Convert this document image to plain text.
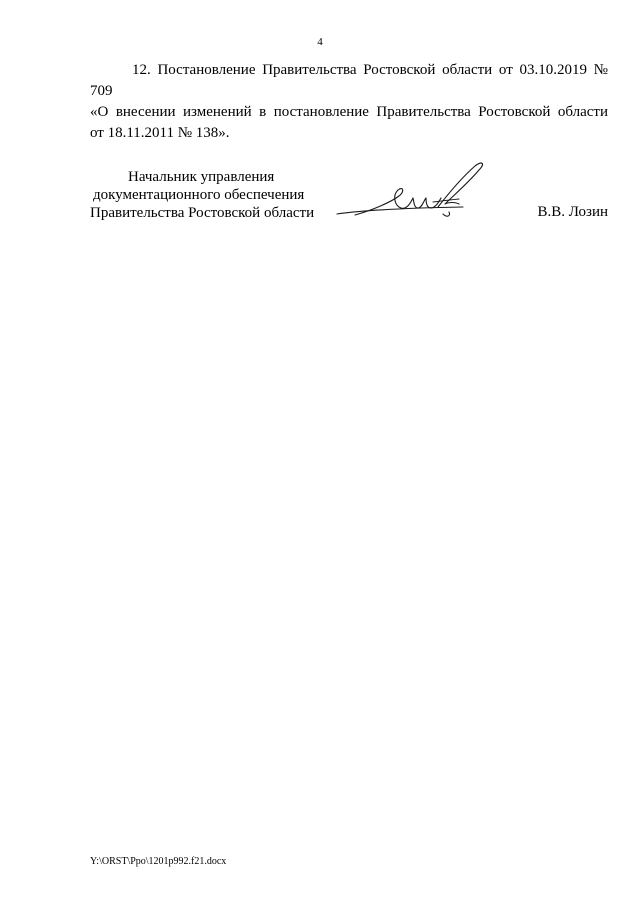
4
12. Постановление Правительства Ростовской области от 03.10.2019 № 709
«О внесении изменений в постановление Правительства Ростовской области
от 18.11.2011 № 138».
Начальник управления
документационного обеспечения
Правительства Ростовской области	В.В. Лозин
Y:\ORST\Ppo\1201p992.f21.docx
